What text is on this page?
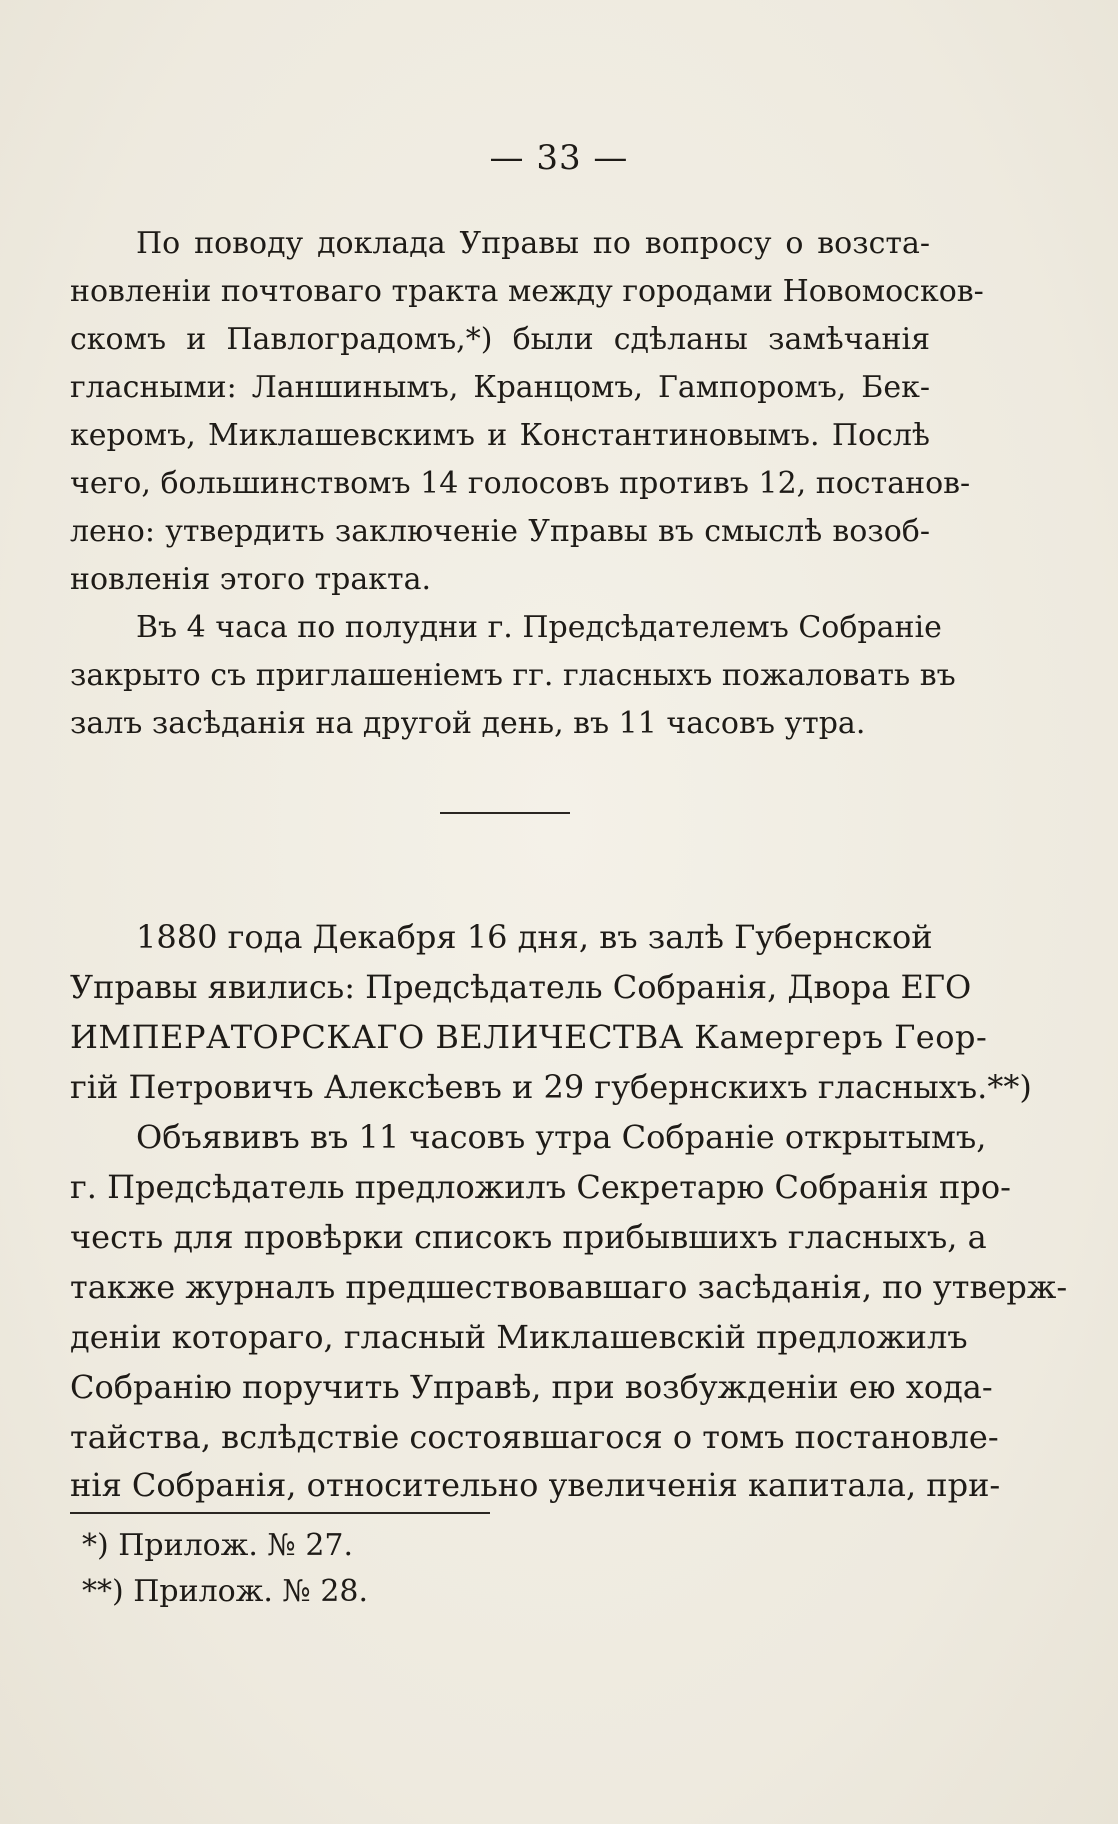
— 33 —
По поводу доклада Управы по вопросу о возста-
новленіи почтоваго тракта между городами Новомосков-
скомъ и Павлоградомъ,*) были сдѣланы замѣчанія
гласными: Ланшинымъ, Кранцомъ, Гампоромъ, Бек-
керомъ, Миклашевскимъ и Константиновымъ. Послѣ
чего, большинствомъ 14 голосовъ противъ 12, постанов-
лено: утвердить заключеніе Управы въ смыслѣ возоб-
новленія этого тракта.
Въ 4 часа по полудни г. Предсѣдателемъ Собраніе
закрыто съ приглашеніемъ гг. гласныхъ пожаловать въ
залъ засѣданія на другой день, въ 11 часовъ утра.
1880 года Декабря 16 дня, въ залѣ Губернской
Управы явились: Предсѣдатель Собранія, Двора ЕГО
ИМПЕРАТОРСКАГО ВЕЛИЧЕСТВА Камергеръ Геор-
гій Петровичъ Алексѣевъ и 29 губернскихъ гласныхъ.**)
Объявивъ въ 11 часовъ утра Собраніе открытымъ,
г. Предсѣдатель предложилъ Секретарю Собранія про-
честь для провѣрки списокъ прибывшихъ гласныхъ, а
также журналъ предшествовавшаго засѣданія, по утверж-
деніи котораго, гласный Миклашевскій предложилъ
Собранію поручить Управѣ, при возбужденіи ею хода-
тайства, вслѣдствіе состоявшагося о томъ постановле-
нія Собранія, относительно увеличенія капитала, при-
*) Прилож. № 27.
**) Прилож. № 28.
